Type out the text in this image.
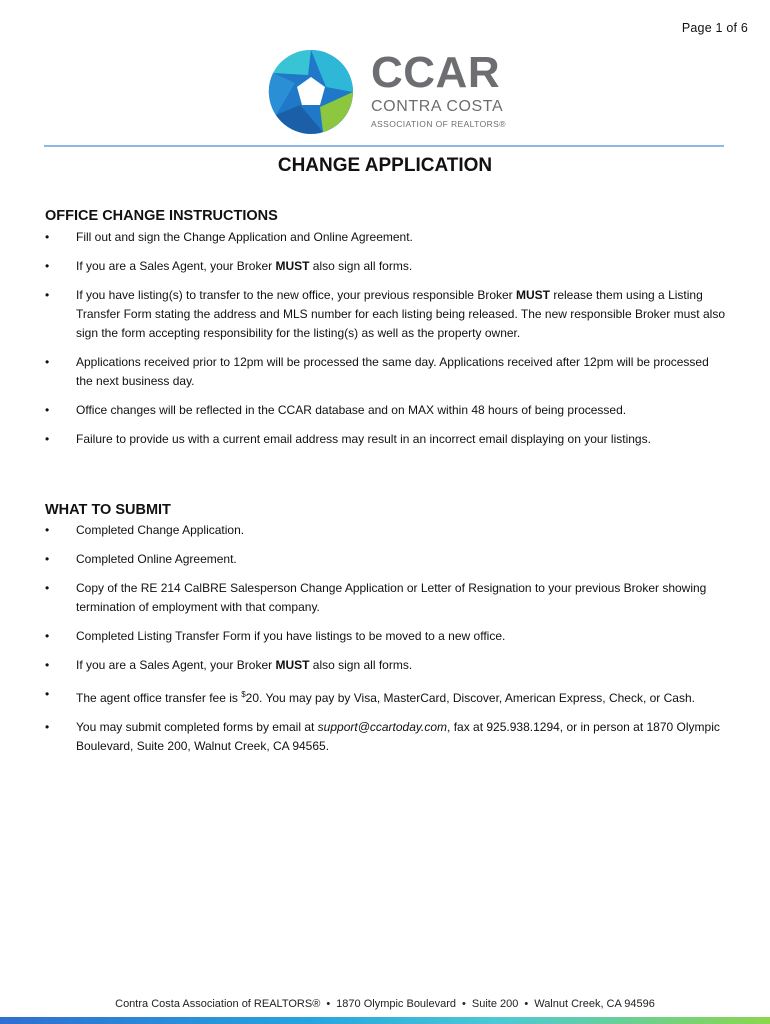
Page 1 of 6
CCAR
CONTRA COSTA
ASSOCIATION OF REALTORS®
CHANGE APPLICATION
OFFICE CHANGE INSTRUCTIONS
• Fill out and sign the Change Application and Online Agreement.
• If you are a Sales Agent, your Broker MUST also sign all forms.
• If you have listing(s) to transfer to the new office, your previous responsible Broker MUST release them using a Listing Transfer Form stating the address and MLS number for each listing being released. The new responsible Broker must also sign the form accepting responsibility for the listing(s) as well as the property owner.
• Applications received prior to 12pm will be processed the same day. Applications received after 12pm will be processed the next business day.
• Office changes will be reflected in the CCAR database and on MAX within 48 hours of being processed.
• Failure to provide us with a current email address may result in an incorrect email displaying on your listings.
WHAT TO SUBMIT
• Completed Change Application.
• Completed Online Agreement.
• Copy of the RE 214 CalBRE Salesperson Change Application or Letter of Resignation to your previous Broker showing termination of employment with that company.
• Completed Listing Transfer Form if you have listings to be moved to a new office.
• If you are a Sales Agent, your Broker MUST also sign all forms.
• The agent office transfer fee is $20. You may pay by Visa, MasterCard, Discover, American Express, Check, or Cash.
• You may submit completed forms by email at support@ccartoday.com, fax at 925.938.1294, or in person at 1870 Olympic Boulevard, Suite 200, Walnut Creek, CA 94565.
Contra Costa Association of REALTORS® • 1870 Olympic Boulevard • Suite 200 • Walnut Creek, CA 94596
